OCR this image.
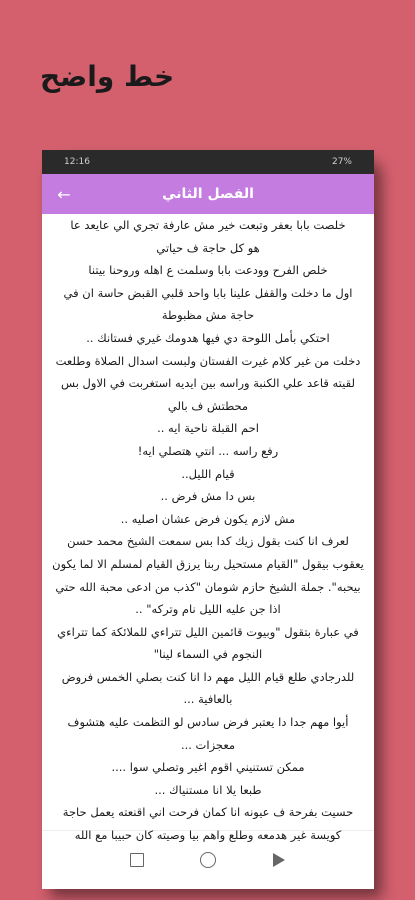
خط واضح
12:16	27%
←	الفصل الثاني

خلصت بابا بعفر وتبعت خير مش عارفة تجري الي عايعد عا

هو كل حاجة ف حياتي

خلص الفرح وودعت بابا وسلمت ع اهله وروحنا بيتنا

اول ما دخلت والقفل علينا بابا واحد قلبي القبض حاسة ان في حاجة مش مظبوطة

احتكي بأمل اللوحة دي فيها هدومك غيري فستانك ..

دخلت من غير كلام غيرت الفستان ولبست اسدال الصلاة وطلعت لقيته قاعد علي الكنبة وراسه بين ايديه استغربت في الاول بس محطتش ف بالي

احم القبلة ناحية ايه ..

رفع راسه ... انتي هتصلي ايه!

قيام الليل..

بس دا مش فرض ..

مش لازم يكون فرض عشان اصليه ..

لعرف انا كنت بقول زيك كدا بس سمعت الشيخ محمد حسن يعقوب بيقول "القيام مستحيل ربنا يرزق القيام لمسلم الا لما يكون بيحبه". جملة الشيخ حازم شومان "كذب من ادعى محبة الله حتي اذا جن عليه الليل نام وتركه" ..

في عبارة بتقول "وبيوت قائمين الليل تتراءي للملائكة كما تتراءي النجوم في السماء لينا"

للدرجادي طلع قيام الليل مهم دا انا كنت بصلي الخمس فروض بالعافية ...

أيوا مهم جدا دا يعتبر فرض سادس لو التظمت عليه هتشوف معجزات ...

ممكن تستنيني اقوم اغير وتصلي سوا ....

طبعا يلا انا مستنياك ...

حسيت بفرحة ف عيونه انا كمان فرحت اني اقنعته يعمل حاجة كويسة غير هدمعه وطلع واهم بيا وصيته كان حبيبا مع الله
